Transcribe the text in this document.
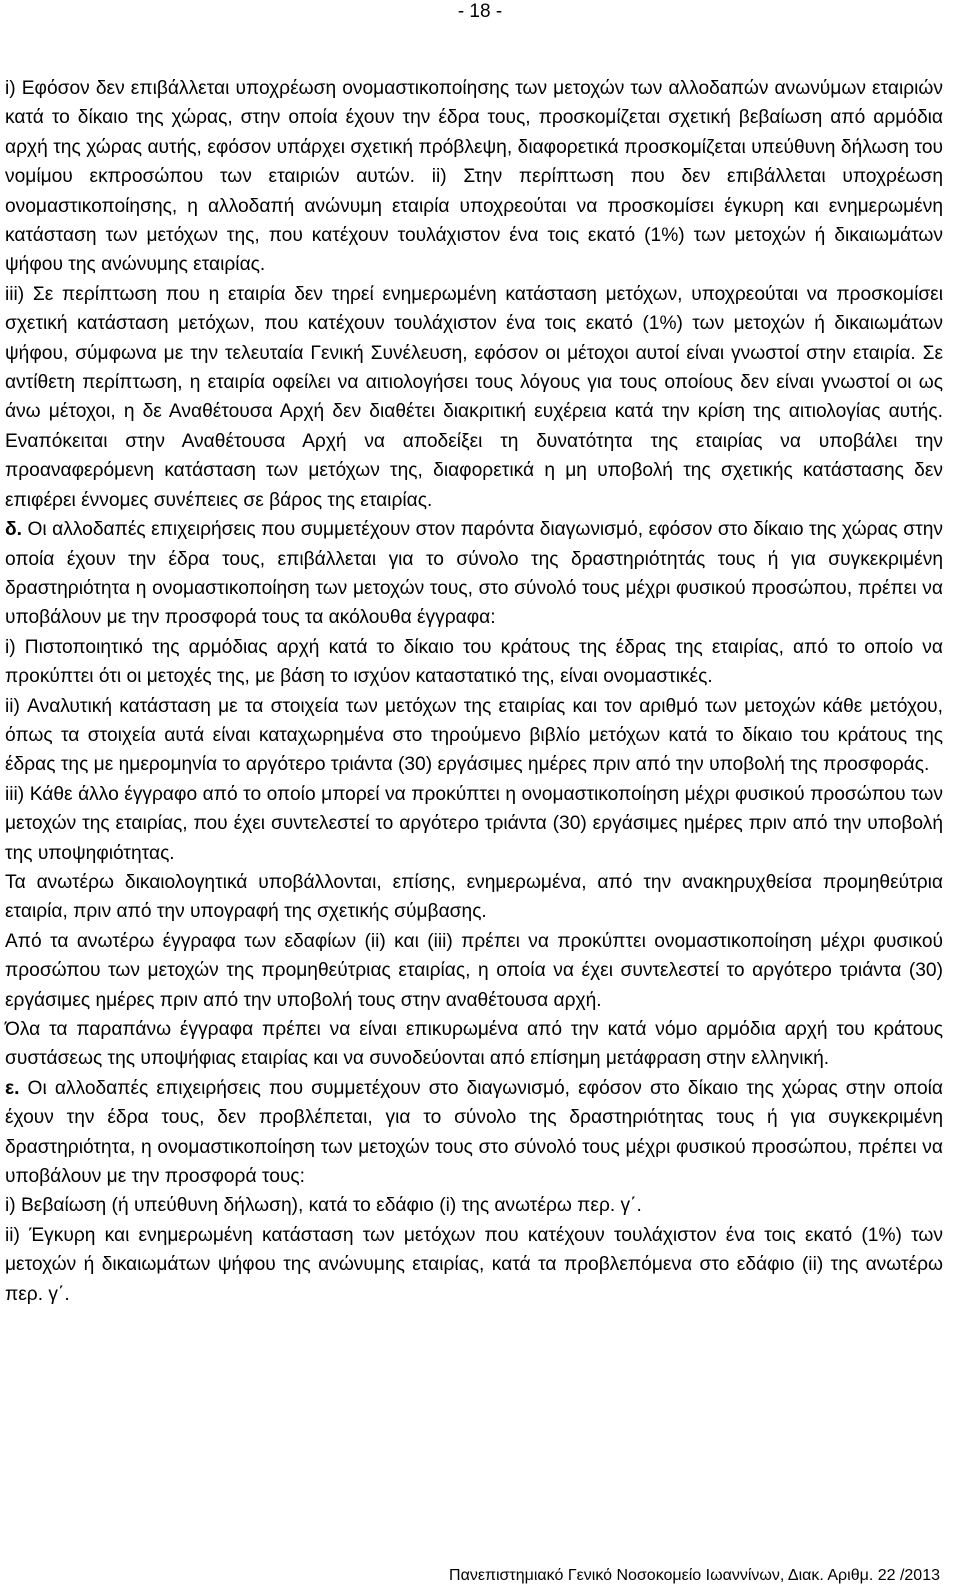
- 18 -

i) Εφόσον δεν επιβάλλεται υποχρέωση ονομαστικοποίησης των μετοχών των αλλοδαπών ανωνύμων εταιριών κατά το δίκαιο της χώρας, στην οποία έχουν την έδρα τους, προσκομίζεται σχετική βεβαίωση από αρμόδια αρχή της χώρας αυτής, εφόσον υπάρχει σχετική πρόβλεψη, διαφορετικά προσκομίζεται υπεύθυνη δήλωση του νομίμου εκπροσώπου των εταιριών αυτών. ii) Στην περίπτωση που δεν επιβάλλεται υποχρέωση ονομαστικοποίησης, η αλλοδαπή ανώνυμη εταιρία υποχρεούται να προσκομίσει έγκυρη και ενημερωμένη κατάσταση των μετόχων της, που κατέχουν τουλάχιστον ένα τοις εκατό (1%) των μετοχών ή δικαιωμάτων ψήφου της ανώνυμης εταιρίας.

iii) Σε περίπτωση που η εταιρία δεν τηρεί ενημερωμένη κατάσταση μετόχων, υποχρεούται να προσκομίσει σχετική κατάσταση μετόχων, που κατέχουν τουλάχιστον ένα τοις εκατό (1%) των μετοχών ή δικαιωμάτων ψήφου, σύμφωνα με την τελευταία Γενική Συνέλευση, εφόσον οι μέτοχοι αυτοί είναι γνωστοί στην εταιρία. Σε αντίθετη περίπτωση, η εταιρία οφείλει να αιτιολογήσει τους λόγους για τους οποίους δεν είναι γνωστοί οι ως άνω μέτοχοι, η δε Αναθέτουσα Αρχή δεν διαθέτει διακριτική ευχέρεια κατά την κρίση της αιτιολογίας αυτής. Εναπόκειται στην Αναθέτουσα Αρχή να αποδείξει τη δυνατότητα της εταιρίας να υποβάλει την προαναφερόμενη κατάσταση των μετόχων της, διαφορετικά η μη υποβολή της σχετικής κατάστασης δεν επιφέρει έννομες συνέπειες σε βάρος της εταιρίας.

δ. Οι αλλοδαπές επιχειρήσεις που συμμετέχουν στον παρόντα διαγωνισμό, εφόσον στο δίκαιο της χώρας στην οποία έχουν την έδρα τους, επιβάλλεται για το σύνολο της δραστηριότητάς τους ή για συγκεκριμένη δραστηριότητα η ονομαστικοποίηση των μετοχών τους, στο σύνολό τους μέχρι φυσικού προσώπου, πρέπει να υποβάλουν με την προσφορά τους τα ακόλουθα έγγραφα:

i) Πιστοποιητικό της αρμόδιας αρχή κατά το δίκαιο του κράτους της έδρας της εταιρίας, από το οποίο να προκύπτει ότι οι μετοχές της, με βάση το ισχύον καταστατικό της, είναι ονομαστικές.

ii) Αναλυτική κατάσταση με τα στοιχεία των μετόχων της εταιρίας και τον αριθμό των μετοχών κάθε μετόχου, όπως τα στοιχεία αυτά είναι καταχωρημένα στο τηρούμενο βιβλίο μετόχων κατά το δίκαιο του κράτους της έδρας της με ημερομηνία το αργότερο τριάντα (30) εργάσιμες ημέρες πριν από την υποβολή της προσφοράς.

iii) Κάθε άλλο έγγραφο από το οποίο μπορεί να προκύπτει η ονομαστικοποίηση μέχρι φυσικού προσώπου των μετοχών της εταιρίας, που έχει συντελεστεί το αργότερο τριάντα (30) εργάσιμες ημέρες πριν από την υποβολή της υποψηφιότητας.

Τα ανωτέρω δικαιολογητικά υποβάλλονται, επίσης, ενημερωμένα, από την ανακηρυχθείσα προμηθεύτρια εταιρία, πριν από την υπογραφή της σχετικής σύμβασης.

Από τα ανωτέρω έγγραφα των εδαφίων (ii) και (iii) πρέπει να προκύπτει ονομαστικοποίηση μέχρι φυσικού προσώπου των μετοχών της προμηθεύτριας εταιρίας, η οποία να έχει συντελεστεί το αργότερο τριάντα (30) εργάσιμες ημέρες πριν από την υποβολή τους στην αναθέτουσα αρχή.

Όλα τα παραπάνω έγγραφα πρέπει να είναι επικυρωμένα από την κατά νόμο αρμόδια αρχή του κράτους συστάσεως της υποψήφιας εταιρίας και να συνοδεύονται από επίσημη μετάφραση στην ελληνική.

ε. Οι αλλοδαπές επιχειρήσεις που συμμετέχουν στο διαγωνισμό, εφόσον στο δίκαιο της χώρας στην οποία έχουν την έδρα τους, δεν προβλέπεται, για το σύνολο της δραστηριότητας τους ή για συγκεκριμένη δραστηριότητα, η ονομαστικοποίηση των μετοχών τους στο σύνολό τους μέχρι φυσικού προσώπου, πρέπει να υποβάλουν με την προσφορά τους:

i) Βεβαίωση (ή υπεύθυνη δήλωση), κατά το εδάφιο (i) της ανωτέρω περ. γ΄.

ii) Έγκυρη και ενημερωμένη κατάσταση των μετόχων που κατέχουν τουλάχιστον ένα τοις εκατό (1%) των μετοχών ή δικαιωμάτων ψήφου της ανώνυμης εταιρίας, κατά τα προβλεπόμενα στο εδάφιο (ii) της ανωτέρω περ. γ΄.

Πανεπιστημιακό Γενικό Νοσοκομείο Ιωαννίνων, Διακ. Αριθμ. 22 /2013
